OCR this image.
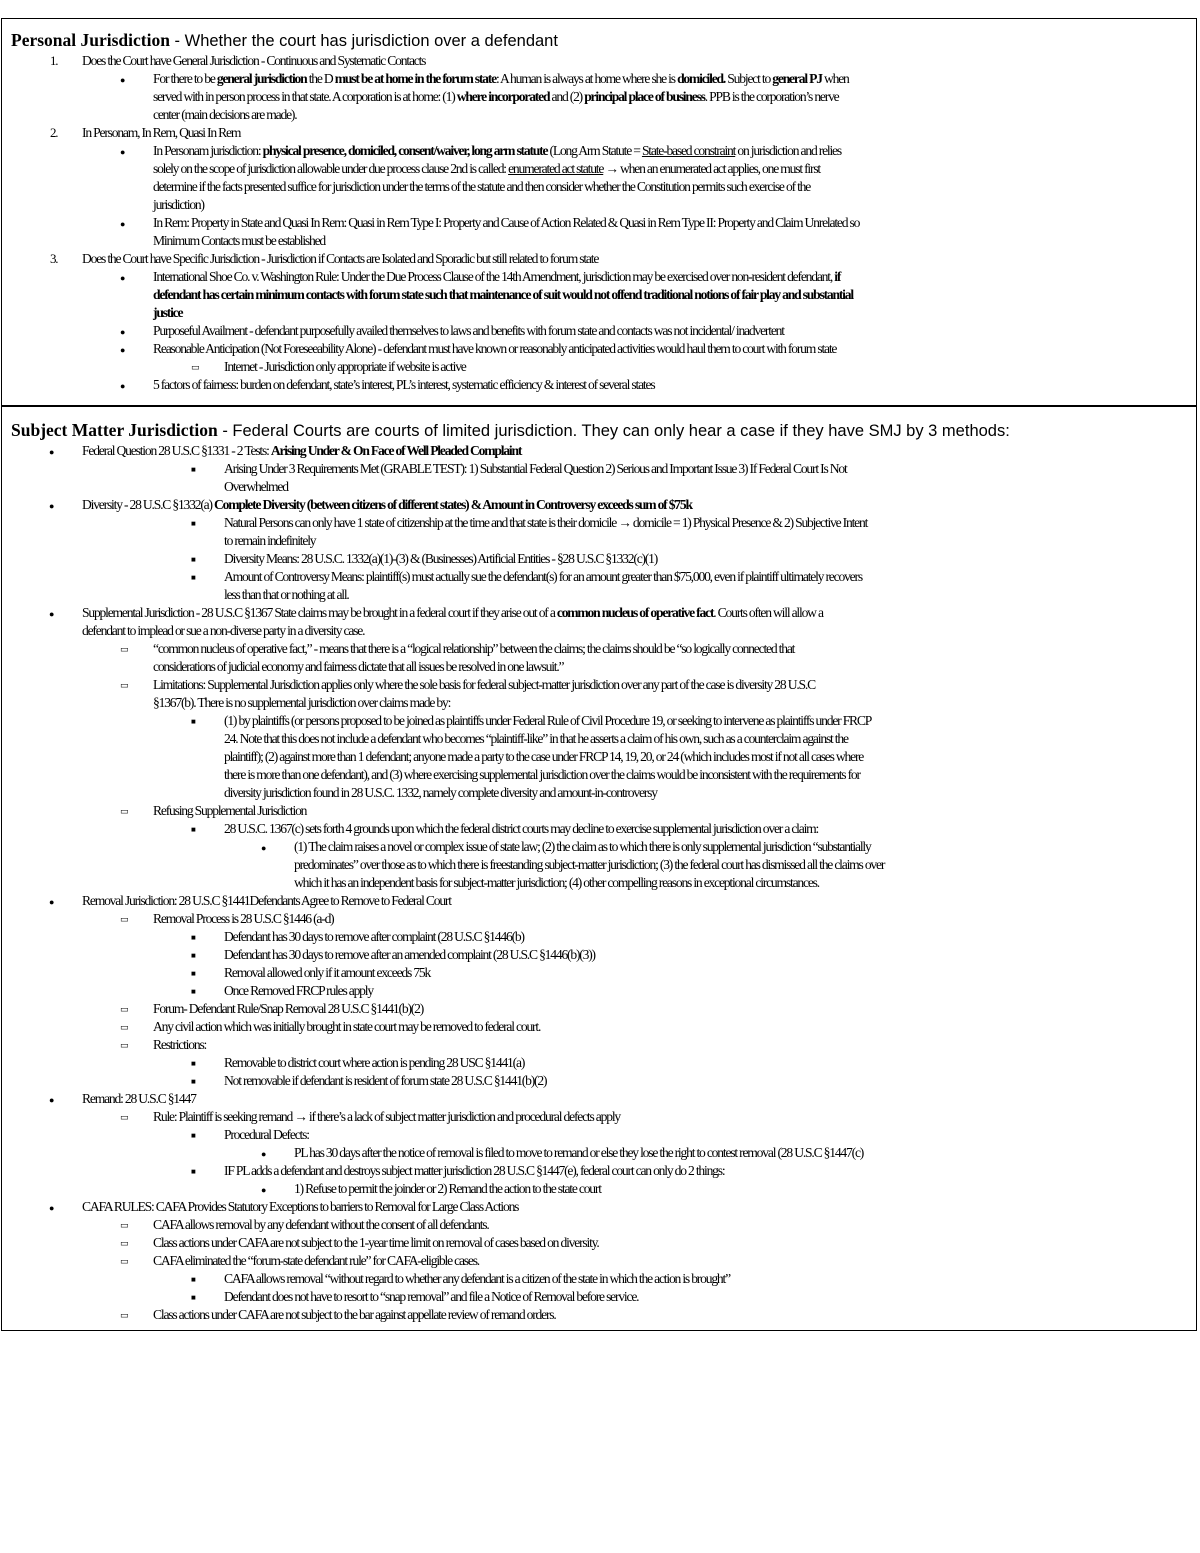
Personal Jurisdiction - Whether the court has jurisdiction over a defendant
1. Does the Court have General Jurisdiction - Continuous and Systematic Contacts
● For there to be general jurisdiction the D must be at home in the forum state: A human is always at home where she is domiciled. Subject to general PJ when
served with in person process in that state. A corporation is at home: (1) where incorporated and (2) principal place of business. PPB is the corporation’s nerve
center (main decisions are made).
2. In Personam, In Rem, Quasi In Rem
● In Personam jurisdiction: physical presence, domiciled, consent/waiver, long arm statute (Long Arm Statute = State-based constraint on jurisdiction and relies
solely on the scope of jurisdiction allowable under due process clause 2nd is called: enumerated act statute → when an enumerated act applies, one must first
determine if the facts presented suffice for jurisdiction under the terms of the statute and then consider whether the Constitution permits such exercise of the
jurisdiction)
● In Rem: Property in State and Quasi In Rem: Quasi in Rem Type I: Property and Cause of Action Related & Quasi in Rem Type II: Property and Claim Unrelated so
Minimum Contacts must be established
3. Does the Court have Specific Jurisdiction - Jurisdiction if Contacts are Isolated and Sporadic but still related to forum state
● International Shoe Co. v. Washington Rule: Under the Due Process Clause of the 14th Amendment, jurisdiction may be exercised over non-resident defendant, if
defendant has certain minimum contacts with forum state such that maintenance of suit would not offend traditional notions of fair play and substantial
justice
● Purposeful Availment - defendant purposefully availed themselves to laws and benefits with forum state and contacts was not incidental/ inadvertent
● Reasonable Anticipation (Not Foreseeability Alone) - defendant must have known or reasonably anticipated activities would haul them to court with forum state
▭ Internet - Jurisdiction only appropriate if website is active
● 5 factors of fairness: burden on defendant, state’s interest, PL’s interest, systematic efficiency & interest of several states
Subject Matter Jurisdiction - Federal Courts are courts of limited jurisdiction. They can only hear a case if they have SMJ by 3 methods:
● Federal Question 28 U.S.C §1331 - 2 Tests: Arising Under & On Face of Well Pleaded Complaint
■ Arising Under 3 Requirements Met (GRABLE TEST): 1) Substantial Federal Question 2) Serious and Important Issue 3) If Federal Court Is Not
Overwhelmed
● Diversity - 28 U.S.C §1332(a) Complete Diversity (between citizens of different states) & Amount in Controversy exceeds sum of $75k
■ Natural Persons can only have 1 state of citizenship at the time and that state is their domicile → domicile = 1) Physical Presence & 2) Subjective Intent
to remain indefinitely
■ Diversity Means: 28 U.S.C. 1332(a)(1)-(3) & (Businesses) Artificial Entities - §28 U.S.C §1332(c)(1)
■ Amount of Controversy Means: plaintiff(s) must actually sue the defendant(s) for an amount greater than $75,000, even if plaintiff ultimately recovers
less than that or nothing at all.
● Supplemental Jurisdiction - 28 U.S.C §1367 State claims may be brought in a federal court if they arise out of a common nucleus of operative fact. Courts often will allow a
defendant to implead or sue a non-diverse party in a diversity case.
▭ “common nucleus of operative fact,” - means that there is a “logical relationship” between the claims; the claims should be “so logically connected that
considerations of judicial economy and fairness dictate that all issues be resolved in one lawsuit.”
▭ Limitations: Supplemental Jurisdiction applies only where the sole basis for federal subject-matter jurisdiction over any part of the case is diversity 28 U.S.C
§1367(b). There is no supplemental jurisdiction over claims made by:
■ (1) by plaintiffs (or persons proposed to be joined as plaintiffs under Federal Rule of Civil Procedure 19, or seeking to intervene as plaintiffs under FRCP
24. Note that this does not include a defendant who becomes “plaintiff-like” in that he asserts a claim of his own, such as a counterclaim against the
plaintiff); (2) against more than 1 defendant; anyone made a party to the case under FRCP 14, 19, 20, or 24 (which includes most if not all cases where
there is more than one defendant), and (3) where exercising supplemental jurisdiction over the claims would be inconsistent with the requirements for
diversity jurisdiction found in 28 U.S.C. 1332, namely complete diversity and amount-in-controversy
▭ Refusing Supplemental Jurisdiction
■ 28 U.S.C. 1367(c) sets forth 4 grounds upon which the federal district courts may decline to exercise supplemental jurisdiction over a claim:
● (1) The claim raises a novel or complex issue of state law; (2) the claim as to which there is only supplemental jurisdiction “substantially
predominates” over those as to which there is freestanding subject-matter jurisdiction; (3) the federal court has dismissed all the claims over
which it has an independent basis for subject-matter jurisdiction; (4) other compelling reasons in exceptional circumstances.
● Removal Jurisdiction: 28 U.S.C §1441Defendants Agree to Remove to Federal Court
▭ Removal Process is 28 U.S.C §1446 (a-d)
■ Defendant has 30 days to remove after complaint (28 U.S.C §1446(b)
■ Defendant has 30 days to remove after an amended complaint (28 U.S.C §1446(b)(3))
■ Removal allowed only if it amount exceeds 75k
■ Once Removed FRCP rules apply
▭ Forum- Defendant Rule/Snap Removal 28 U.S.C §1441(b)(2)
▭ Any civil action which was initially brought in state court may be removed to federal court.
▭ Restrictions:
■ Removable to district court where action is pending 28 USC §1441(a)
■ Not removable if defendant is resident of forum state 28 U.S.C §1441(b)(2)
● Remand: 28 U.S.C §1447
▭ Rule: Plaintiff is seeking remand → if there’s a lack of subject matter jurisdiction and procedural defects apply
■ Procedural Defects:
● PL has 30 days after the notice of removal is filed to move to remand or else they lose the right to contest removal (28 U.S.C §1447(c)
■ IF PL adds a defendant and destroys subject matter jurisdiction 28 U.S.C §1447(e), federal court can only do 2 things:
● 1) Refuse to permit the joinder or 2) Remand the action to the state court
● CAFA RULES: CAFA Provides Statutory Exceptions to barriers to Removal for Large Class Actions
▭ CAFA allows removal by any defendant without the consent of all defendants.
▭ Class actions under CAFA are not subject to the 1-year time limit on removal of cases based on diversity.
▭ CAFA eliminated the “forum-state defendant rule” for CAFA-eligible cases.
■ CAFA allows removal “without regard to whether any defendant is a citizen of the state in which the action is brought”
■ Defendant does not have to resort to “snap removal” and file a Notice of Removal before service.
▭ Class actions under CAFA are not subject to the bar against appellate review of remand orders.
